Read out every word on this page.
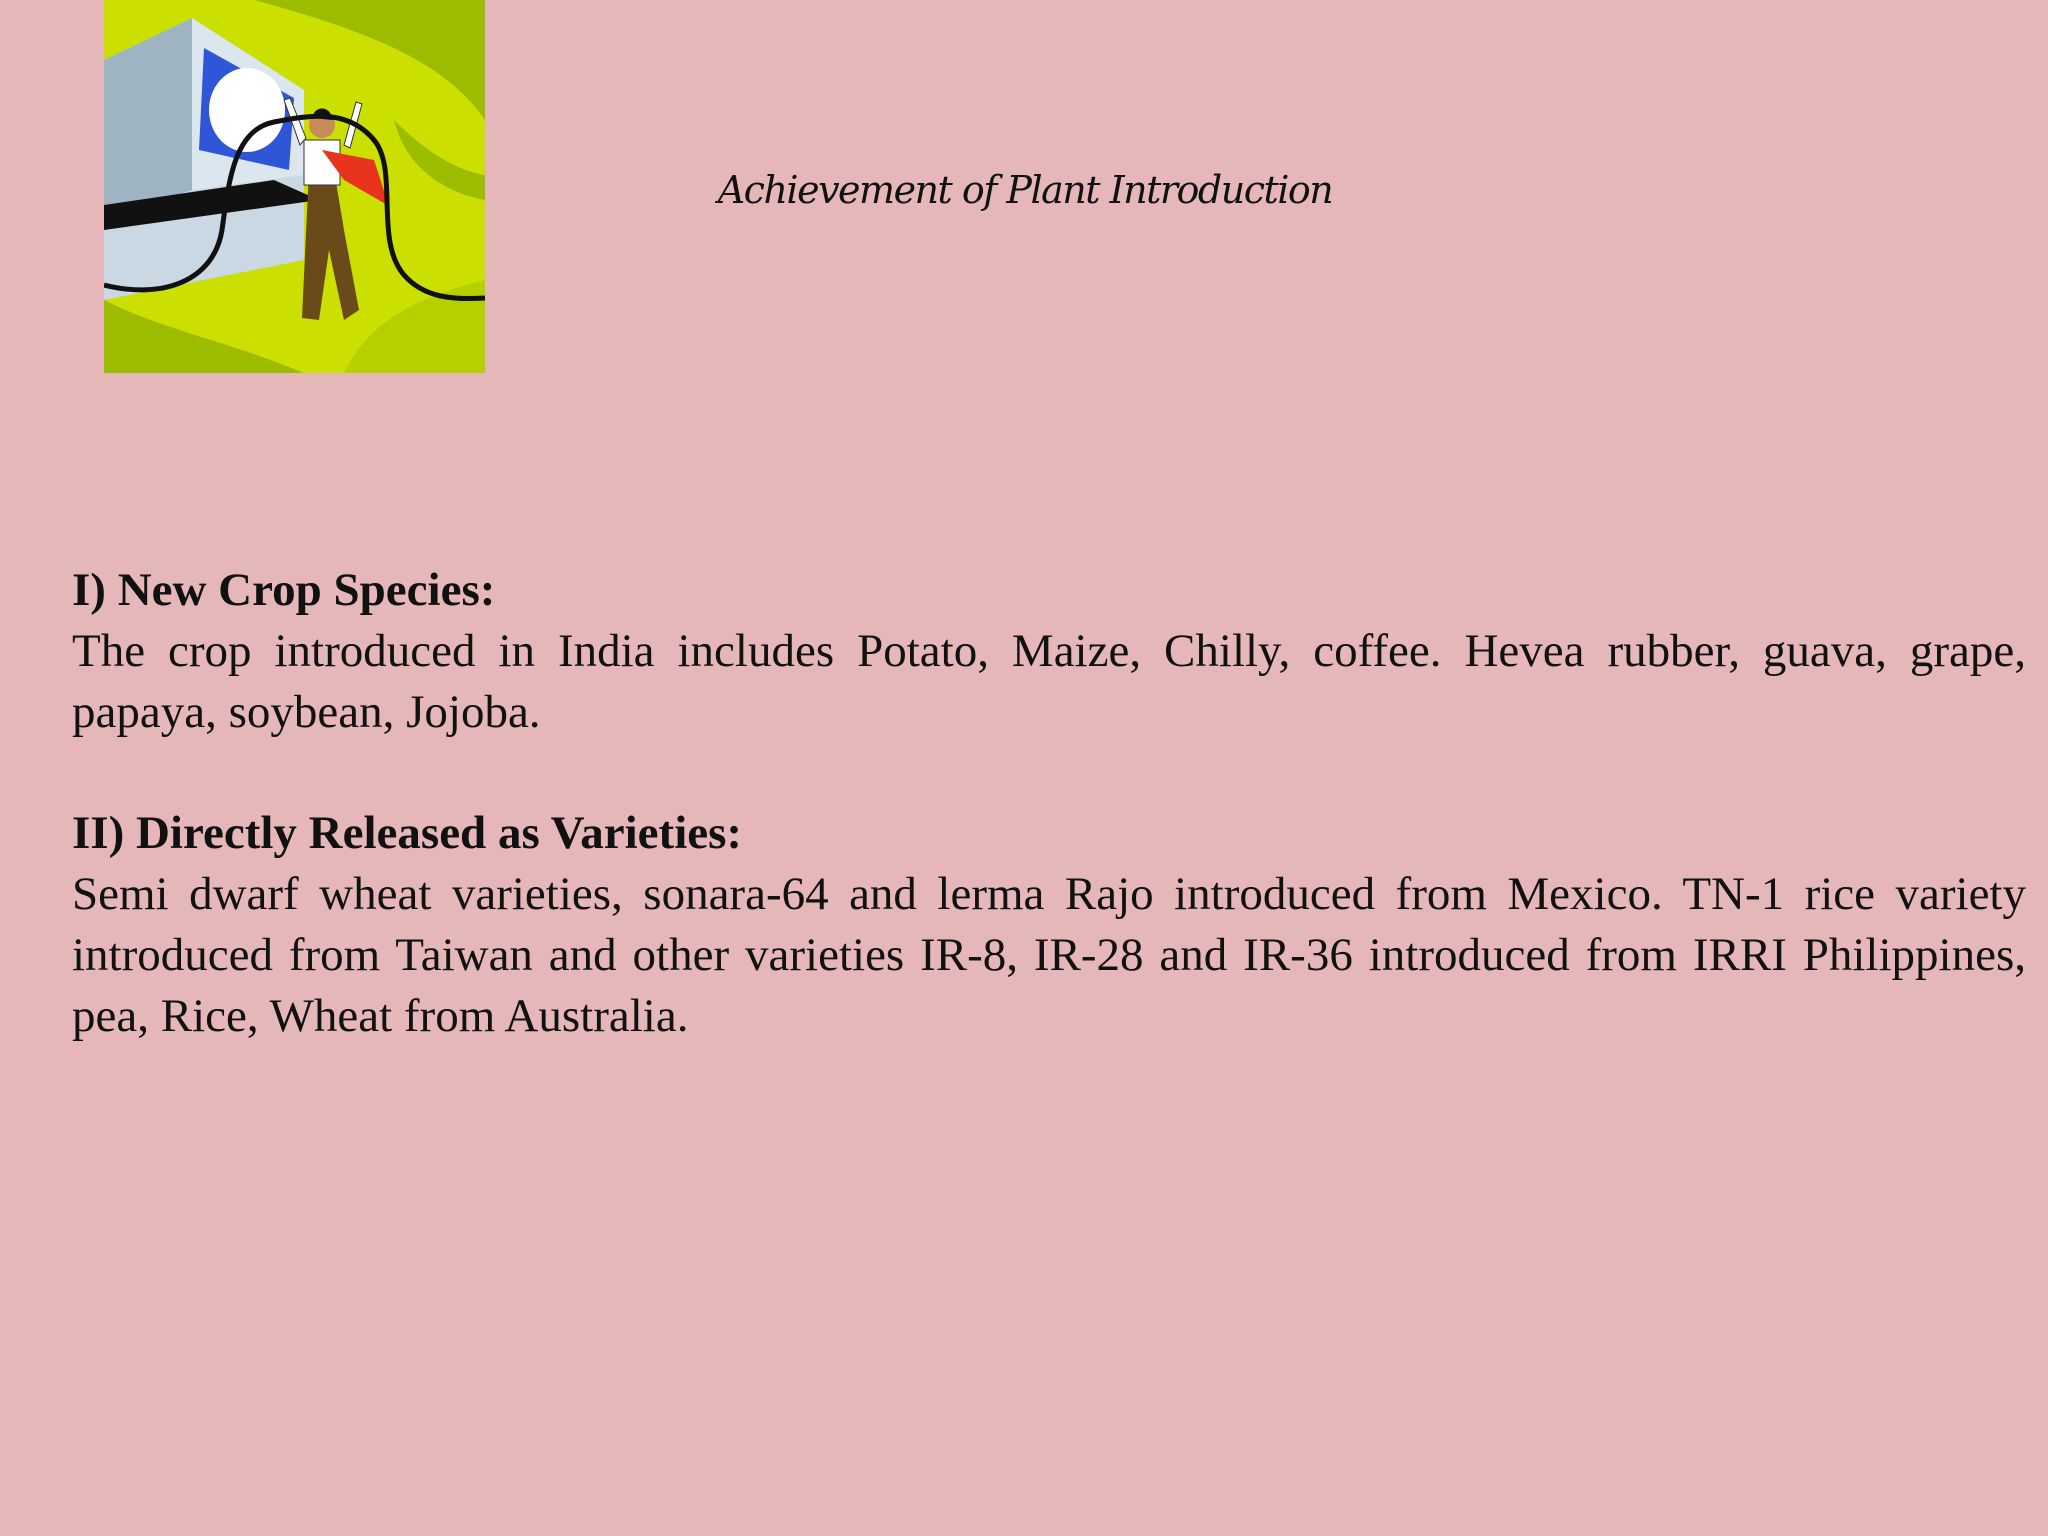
Achievement of Plant Introduction

I) New Crop Species:

The crop introduced in India includes Potato, Maize, Chilly, coffee. Hevea rubber, guava, grape, papaya, soybean, Jojoba.

II) Directly Released as Varieties:

Semi dwarf wheat varieties, sonara-64 and lerma Rajo introduced from Mexico. TN-1 rice variety introduced from Taiwan and other varieties IR-8, IR-28 and IR-36 introduced from IRRI Philippines, pea, Rice, Wheat from Australia.
